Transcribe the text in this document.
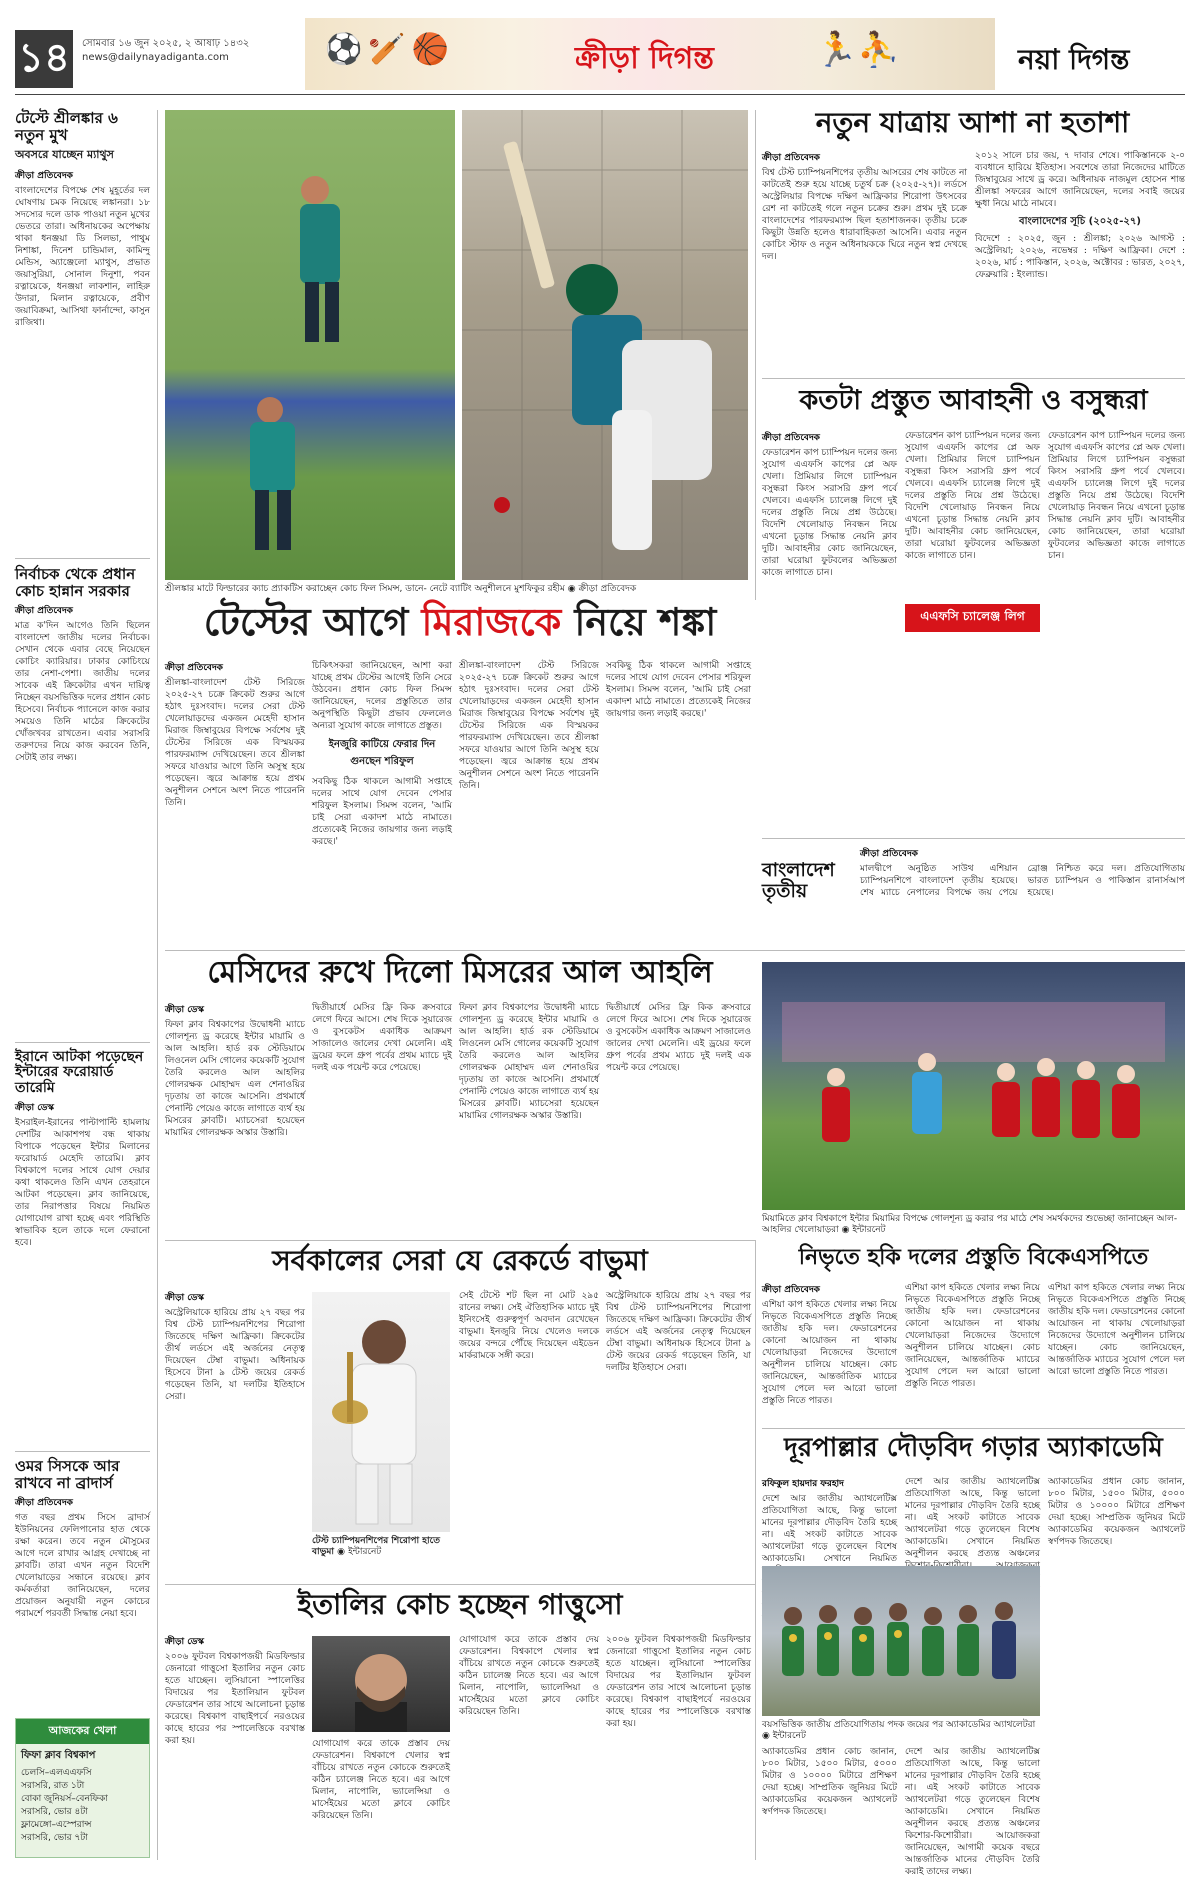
১৪	সোমবার ১৬ জুন ২০২৫, ২ আষাঢ় ১৪৩২
news@dailynayadiganta.com	⚽🏏🏀	🏃⛹
ক্রীড়া দিগন্ত	নয়া দিগন্ত
টেস্টে শ্রীলঙ্কার ৬ নতুন মুখ
অবসরে যাচ্ছেন ম্যাথুস
ক্রীড়া প্রতিবেদক
বাংলাদেশের বিপক্ষে শেষ মুহূর্তের দল ঘোষণায় চমক নিয়েছে লঙ্কানরা। ১৮ সদস্যের দলে ডাক পাওয়া নতুন মুখের ভেতরে তারা। অধিনায়কের অপেক্ষায় থাকা ধনঞ্জয়া ডি সিলভা, পাথুম নিশাঙ্কা, দিনেশ চান্ডিমাল, কামিন্দু মেন্ডিস, অ্যাঞ্জেলো ম্যাথুস, প্রভাত জয়াসুরিয়া, সোনাল দিনুশা, পবন রত্নায়েকে, ধনঞ্জয়া লাকশান, লাহিরু উদারা, মিলান রত্নায়েকে, প্রবীণ জয়াবিক্রমা, আসিথা ফার্নান্দো, কাসুন রাজিথা।
নির্বাচক থেকে প্রধান কোচ হান্নান সরকার
ক্রীড়া প্রতিবেদক
মাত্র ক'দিন আগেও তিনি ছিলেন বাংলাদেশ জাতীয় দলের নির্বাচক। সেখান থেকে এবার বেছে নিয়েছেন কোচিং ক্যারিয়ার। ঢাকার কোচিংয়ে তার নেশা-পেশা। জাতীয় দলের সাবেক এই ক্রিকেটার এখন দায়িত্ব নিচ্ছেন বয়সভিত্তিক দলের প্রধান কোচ হিসেবে। নির্বাচক প্যানেলে কাজ করার সময়েও তিনি মাঠের ক্রিকেটের খোঁজখবর রাখতেন। এবার সরাসরি তরুণদের নিয়ে কাজ করবেন তিনি, সেটাই তার লক্ষ্য।
ইরানে আটকা পড়েছেন ইন্টারের ফরোয়ার্ড তারেমি
ক্রীড়া ডেস্ক
ইসরাইল-ইরানের পাল্টাপাল্টি হামলায় দেশটির আকাশপথ বন্ধ থাকায় বিপাকে পড়েছেন ইন্টার মিলানের ফরোয়ার্ড মেহেদি তারেমি। ক্লাব বিশ্বকাপে দলের সাথে যোগ দেয়ার কথা থাকলেও তিনি এখন তেহরানে আটকা পড়েছেন। ক্লাব জানিয়েছে, তার নিরাপত্তার বিষয়ে নিয়মিত যোগাযোগ রাখা হচ্ছে এবং পরিস্থিতি স্বাভাবিক হলে তাকে দলে ফেরানো হবে।
ওমর সিসকে আর রাখবে না ব্রাদার্স
ক্রীড়া প্রতিবেদক
গত বছর প্রথম সিসে ব্রাদার্স ইউনিয়নের ফেলিপানোর হাত থেকে রক্ষা করেন। তবে নতুন মৌসুমের আগে দলে রাখার আগ্রহ দেখাচ্ছে না ক্লাবটি। তারা এখন নতুন বিদেশি খেলোয়াড়ের সন্ধানে রয়েছে। ক্লাব কর্মকর্তারা জানিয়েছেন, দলের প্রয়োজন অনুযায়ী নতুন কোচের পরামর্শে পরবর্তী সিদ্ধান্ত নেয়া হবে।
আজকের খেলা
ফিফা ক্লাব বিশ্বকাপ
চেলসি–এলএএফসি
সরাসরি, রাত ১টা
বোকা জুনিয়র্স–বেনফিকা
সরাসরি, ভোর ৪টা
ফ্লামেঙ্গো–এস্পেরান্স
সরাসরি, ভোর ৭টা
শ্রীলঙ্কার মাটে ফিল্ডারের ক্যাচ প্র্যাকটিস করাচ্ছেন কোচ ফিল সিমন্স, ডানে- নেটে ব্যাটিং অনুশীলনে মুশফিকুর রহীম ◉ ক্রীড়া প্রতিবেদক
নতুন যাত্রায় আশা না হতাশা
ক্রীড়া প্রতিবেদক
বিশ্ব টেস্ট চ্যাম্পিয়নশিপের তৃতীয় আসরের শেষ কাটতে না কাটতেই শুরু হয়ে যাচ্ছে চতুর্থ চক্র (২০২৫-২৭)। লর্ডসে অস্ট্রেলিয়ার বিপক্ষে দক্ষিণ আফ্রিকার শিরোপা উৎসবের রেশ না কাটতেই গলে নতুন চক্রের শুরু। প্রথম দুই চক্রে বাংলাদেশের পারফরম্যান্স ছিল হতাশাজনক। তৃতীয় চক্রে কিছুটা উন্নতি হলেও ধারাবাহিকতা আসেনি। এবার নতুন কোচিং স্টাফ ও নতুন অধিনায়ককে ঘিরে নতুন স্বপ্ন দেখছে দল।
২০১২ সালে চার জয়, ৭ দাবার শেষে। পাকিস্তানকে ২-০ ব্যবধানে হারিয়ে ইতিহাস। সবশেষে তারা নিজেদের মাটিতে জিম্বাবুয়ের সাথে ড্র করে। অধিনায়ক নাজমুল হোসেন শান্ত শ্রীলঙ্কা সফরের আগে জানিয়েছেন, দলের সবাই জয়ের ক্ষুধা নিয়ে মাঠে নামবে।
বাংলাদেশের সূচি (২০২৫-২৭)
বিদেশে : ২০২৫, জুন : শ্রীলঙ্কা; ২০২৬ আগস্ট : অস্ট্রেলিয়া; ২০২৬, নভেম্বর : দক্ষিণ আফ্রিকা। দেশে : ২০২৬, মার্চ : পাকিস্তান, ২০২৬, অক্টোবর : ভারত, ২০২৭, ফেব্রুয়ারি : ইংল্যান্ড।
কতটা প্রস্তুত আবাহনী ও বসুন্ধরা
ক্রীড়া প্রতিবেদক
ফেডারেশন কাপ চ্যাম্পিয়ন দলের জন্য সুযোগ এএফসি কাপের প্লে অফ খেলা। প্রিমিয়ার লিগে চ্যাম্পিয়ন বসুন্ধরা কিংস সরাসরি গ্রুপ পর্বে খেলবে। এএফসি চ্যালেঞ্জ লিগে দুই দলের প্রস্তুতি নিয়ে প্রশ্ন উঠেছে। বিদেশি খেলোয়াড় নিবন্ধন নিয়ে এখনো চূড়ান্ত সিদ্ধান্ত নেয়নি ক্লাব দুটি। আবাহনীর কোচ জানিয়েছেন, তারা ঘরোয়া ফুটবলের অভিজ্ঞতা কাজে লাগাতে চান।
ফেডারেশন কাপ চ্যাম্পিয়ন দলের জন্য সুযোগ এএফসি কাপের প্লে অফ খেলা। প্রিমিয়ার লিগে চ্যাম্পিয়ন বসুন্ধরা কিংস সরাসরি গ্রুপ পর্বে খেলবে। এএফসি চ্যালেঞ্জ লিগে দুই দলের প্রস্তুতি নিয়ে প্রশ্ন উঠেছে। বিদেশি খেলোয়াড় নিবন্ধন নিয়ে এখনো চূড়ান্ত সিদ্ধান্ত নেয়নি ক্লাব দুটি। আবাহনীর কোচ জানিয়েছেন, তারা ঘরোয়া ফুটবলের অভিজ্ঞতা কাজে লাগাতে চান।
এএফসি চ্যালেঞ্জ লিগ
ফেডারেশন কাপ চ্যাম্পিয়ন দলের জন্য সুযোগ এএফসি কাপের প্লে অফ খেলা। প্রিমিয়ার লিগে চ্যাম্পিয়ন বসুন্ধরা কিংস সরাসরি গ্রুপ পর্বে খেলবে। এএফসি চ্যালেঞ্জ লিগে দুই দলের প্রস্তুতি নিয়ে প্রশ্ন উঠেছে। বিদেশি খেলোয়াড় নিবন্ধন নিয়ে এখনো চূড়ান্ত সিদ্ধান্ত নেয়নি ক্লাব দুটি। আবাহনীর কোচ জানিয়েছেন, তারা ঘরোয়া ফুটবলের অভিজ্ঞতা কাজে লাগাতে চান।
টেস্টের আগে মিরাজকে নিয়ে শঙ্কা
ক্রীড়া প্রতিবেদক
শ্রীলঙ্কা-বাংলাদেশ টেস্ট সিরিজে ২০২৫-২৭ চক্রে ক্রিকেট শুরুর আগে হঠাৎ দুঃসংবাদ। দলের সেরা টেস্ট খেলোয়াড়দের একজন মেহেদী হাসান মিরাজ জিম্বাবুয়ের বিপক্ষে সর্বশেষ দুই টেস্টের সিরিজে এক বিস্ময়কর পারফরম্যান্স দেখিয়েছেন। তবে শ্রীলঙ্কা সফরে যাওয়ার আগে তিনি অসুস্থ হয়ে পড়েছেন। জ্বরে আক্রান্ত হয়ে প্রথম অনুশীলন সেশনে অংশ নিতে পারেননি তিনি।
চিকিৎসকরা জানিয়েছেন, আশা করা যাচ্ছে প্রথম টেস্টের আগেই তিনি সেরে উঠবেন। প্রধান কোচ ফিল সিমন্স জানিয়েছেন, দলের প্রস্তুতিতে তার অনুপস্থিতি কিছুটা প্রভাব ফেললেও অন্যরা সুযোগ কাজে লাগাতে প্রস্তুত।
ইনজুরি কাটিয়ে ফেরার দিন গুনছেন শরিফুল
সবকিছু ঠিক থাকলে আগামী সপ্তাহে দলের সাথে যোগ দেবেন পেসার শরিফুল ইসলাম। সিমন্স বলেন, 'আমি চাই সেরা একাদশ মাঠে নামাতে। প্রত্যেকেই নিজের জায়গার জন্য লড়াই করছে।'
শ্রীলঙ্কা-বাংলাদেশ টেস্ট সিরিজে ২০২৫-২৭ চক্রে ক্রিকেট শুরুর আগে হঠাৎ দুঃসংবাদ। দলের সেরা টেস্ট খেলোয়াড়দের একজন মেহেদী হাসান মিরাজ জিম্বাবুয়ের বিপক্ষে সর্বশেষ দুই টেস্টের সিরিজে এক বিস্ময়কর পারফরম্যান্স দেখিয়েছেন। তবে শ্রীলঙ্কা সফরে যাওয়ার আগে তিনি অসুস্থ হয়ে পড়েছেন। জ্বরে আক্রান্ত হয়ে প্রথম অনুশীলন সেশনে অংশ নিতে পারেননি তিনি।
সবকিছু ঠিক থাকলে আগামী সপ্তাহে দলের সাথে যোগ দেবেন পেসার শরিফুল ইসলাম। সিমন্স বলেন, 'আমি চাই সেরা একাদশ মাঠে নামাতে। প্রত্যেকেই নিজের জায়গার জন্য লড়াই করছে।'
বাংলাদেশ তৃতীয়
ক্রীড়া প্রতিবেদক
মালদ্বীপে অনুষ্ঠিত সাউথ এশিয়ান চ্যাম্পিয়নশিপে বাংলাদেশ তৃতীয় হয়েছে। শেষ ম্যাচে নেপালের বিপক্ষে জয় পেয়ে ব্রোঞ্জ নিশ্চিত করে দল। প্রতিযোগিতায় ভারত চ্যাম্পিয়ন ও পাকিস্তান রানার্সআপ হয়েছে।
মেসিদের রুখে দিলো মিসরের আল আহলি
ক্রীড়া ডেস্ক
ফিফা ক্লাব বিশ্বকাপের উদ্বোধনী ম্যাচে গোলশূন্য ড্র করেছে ইন্টার মায়ামি ও আল আহলি। হার্ড রক স্টেডিয়ামে লিওনেল মেসি গোলের কয়েকটি সুযোগ তৈরি করলেও আল আহলির গোলরক্ষক মোহাম্মদ এল শেনাওয়ির দৃঢ়তায় তা কাজে আসেনি। প্রথমার্ধে পেনাল্টি পেয়েও কাজে লাগাতে ব্যর্থ হয় মিসরের ক্লাবটি। ম্যাচসেরা হয়েছেন মায়ামির গোলরক্ষক অস্কার উস্তারি।
দ্বিতীয়ার্ধে মেসির ফ্রি কিক ক্রসবারে লেগে ফিরে আসে। শেষ দিকে সুয়ারেজ ও বুসকেটস একাধিক আক্রমণ সাজালেও জালের দেখা মেলেনি। এই ড্রয়ের ফলে গ্রুপ পর্বের প্রথম ম্যাচে দুই দলই এক পয়েন্ট করে পেয়েছে।
ফিফা ক্লাব বিশ্বকাপের উদ্বোধনী ম্যাচে গোলশূন্য ড্র করেছে ইন্টার মায়ামি ও আল আহলি। হার্ড রক স্টেডিয়ামে লিওনেল মেসি গোলের কয়েকটি সুযোগ তৈরি করলেও আল আহলির গোলরক্ষক মোহাম্মদ এল শেনাওয়ির দৃঢ়তায় তা কাজে আসেনি। প্রথমার্ধে পেনাল্টি পেয়েও কাজে লাগাতে ব্যর্থ হয় মিসরের ক্লাবটি। ম্যাচসেরা হয়েছেন মায়ামির গোলরক্ষক অস্কার উস্তারি।
দ্বিতীয়ার্ধে মেসির ফ্রি কিক ক্রসবারে লেগে ফিরে আসে। শেষ দিকে সুয়ারেজ ও বুসকেটস একাধিক আক্রমণ সাজালেও জালের দেখা মেলেনি। এই ড্রয়ের ফলে গ্রুপ পর্বের প্রথম ম্যাচে দুই দলই এক পয়েন্ট করে পেয়েছে।
মিয়ামিতে ক্লাব বিশ্বকাপে ইন্টার মিয়ামির বিপক্ষে গোলশূন্য ড্র করার পর মাঠে শেষ সমর্থকদের শুভেচ্ছা জানাচ্ছেন আল-আহলির খেলোয়াড়রা ◉ ইন্টারনেট
সর্বকালের সেরা যে রেকর্ডে বাভুমা
ক্রীড়া ডেস্ক
অস্ট্রেলিয়াকে হারিয়ে প্রায় ২৭ বছর পর বিশ্ব টেস্ট চ্যাম্পিয়নশিপের শিরোপা জিতেছে দক্ষিণ আফ্রিকা। ক্রিকেটের তীর্থ লর্ডসে এই অর্জনের নেতৃত্ব দিয়েছেন টেম্বা বাভুমা। অধিনায়ক হিসেবে টানা ৯ টেস্ট জয়ের রেকর্ড গড়েছেন তিনি, যা দলটির ইতিহাসে সেরা।
টেস্ট চ্যাম্পিয়নশিপের শিরোপা হাতে বাভুমা ◉ ইন্টারনেট
সেই টেস্টে শট ছিল না মোট ২৯৫ রানের লক্ষ্য। সেই ঐতিহাসিক ম্যাচে দুই ইনিংসেই গুরুত্বপূর্ণ অবদান রেখেছেন বাভুমা। ইনজুরি নিয়ে খেলেও দলকে জয়ের বন্দরে পৌঁছে দিয়েছেন এইডেন মার্করামকে সঙ্গী করে।
অস্ট্রেলিয়াকে হারিয়ে প্রায় ২৭ বছর পর বিশ্ব টেস্ট চ্যাম্পিয়নশিপের শিরোপা জিতেছে দক্ষিণ আফ্রিকা। ক্রিকেটের তীর্থ লর্ডসে এই অর্জনের নেতৃত্ব দিয়েছেন টেম্বা বাভুমা। অধিনায়ক হিসেবে টানা ৯ টেস্ট জয়ের রেকর্ড গড়েছেন তিনি, যা দলটির ইতিহাসে সেরা।
নিভৃতে হকি দলের প্রস্তুতি বিকেএসপিতে
ক্রীড়া প্রতিবেদক
এশিয়া কাপ হকিতে খেলার লক্ষ্য নিয়ে নিভৃতে বিকেএসপিতে প্রস্তুতি নিচ্ছে জাতীয় হকি দল। ফেডারেশনের কোনো আয়োজন না থাকায় খেলোয়াড়রা নিজেদের উদ্যোগে অনুশীলন চালিয়ে যাচ্ছেন। কোচ জানিয়েছেন, আন্তর্জাতিক ম্যাচের সুযোগ পেলে দল আরো ভালো প্রস্তুতি নিতে পারত।
এশিয়া কাপ হকিতে খেলার লক্ষ্য নিয়ে নিভৃতে বিকেএসপিতে প্রস্তুতি নিচ্ছে জাতীয় হকি দল। ফেডারেশনের কোনো আয়োজন না থাকায় খেলোয়াড়রা নিজেদের উদ্যোগে অনুশীলন চালিয়ে যাচ্ছেন। কোচ জানিয়েছেন, আন্তর্জাতিক ম্যাচের সুযোগ পেলে দল আরো ভালো প্রস্তুতি নিতে পারত।
এশিয়া কাপ হকিতে খেলার লক্ষ্য নিয়ে নিভৃতে বিকেএসপিতে প্রস্তুতি নিচ্ছে জাতীয় হকি দল। ফেডারেশনের কোনো আয়োজন না থাকায় খেলোয়াড়রা নিজেদের উদ্যোগে অনুশীলন চালিয়ে যাচ্ছেন। কোচ জানিয়েছেন, আন্তর্জাতিক ম্যাচের সুযোগ পেলে দল আরো ভালো প্রস্তুতি নিতে পারত।
ইতালির কোচ হচ্ছেন গাত্তুসো
ক্রীড়া ডেস্ক
২০০৬ ফুটবল বিশ্বকাপজয়ী মিডফিল্ডার জেনারো গাত্তুসো ইতালির নতুন কোচ হতে যাচ্ছেন। লুসিয়ানো স্পালেত্তির বিদায়ের পর ইতালিয়ান ফুটবল ফেডারেশন তার সাথে আলোচনা চূড়ান্ত করেছে। বিশ্বকাপ বাছাইপর্বে নরওয়ের কাছে হারের পর স্পালেত্তিকে বরখাস্ত করা হয়।	যোগাযোগ করে তাকে প্রস্তাব দেয় ফেডারেশন। বিশ্বকাপে খেলার স্বপ্ন বাঁচিয়ে রাখতে নতুন কোচকে শুরুতেই কঠিন চ্যালেঞ্জ নিতে হবে। এর আগে মিলান, নাপোলি, ভ্যালেন্সিয়া ও মার্সেইয়ের মতো ক্লাবে কোচিং করিয়েছেন তিনি।
যোগাযোগ করে তাকে প্রস্তাব দেয় ফেডারেশন। বিশ্বকাপে খেলার স্বপ্ন বাঁচিয়ে রাখতে নতুন কোচকে শুরুতেই কঠিন চ্যালেঞ্জ নিতে হবে। এর আগে মিলান, নাপোলি, ভ্যালেন্সিয়া ও মার্সেইয়ের মতো ক্লাবে কোচিং করিয়েছেন তিনি।
২০০৬ ফুটবল বিশ্বকাপজয়ী মিডফিল্ডার জেনারো গাত্তুসো ইতালির নতুন কোচ হতে যাচ্ছেন। লুসিয়ানো স্পালেত্তির বিদায়ের পর ইতালিয়ান ফুটবল ফেডারেশন তার সাথে আলোচনা চূড়ান্ত করেছে। বিশ্বকাপ বাছাইপর্বে নরওয়ের কাছে হারের পর স্পালেত্তিকে বরখাস্ত করা হয়।
দূরপাল্লার দৌড়বিদ গড়ার অ্যাকাডেমি
রফিকুল হায়দার ফরহাদ
দেশে আর জাতীয় অ্যাথলেটিক্স প্রতিযোগিতা আছে, কিন্তু ভালো মানের দূরপাল্লার দৌড়বিদ তৈরি হচ্ছে না। এই সংকট কাটাতে সাবেক অ্যাথলেটরা গড়ে তুলেছেন বিশেষ অ্যাকাডেমি। সেখানে নিয়মিত
দেশে আর জাতীয় অ্যাথলেটিক্স প্রতিযোগিতা আছে, কিন্তু ভালো মানের দূরপাল্লার দৌড়বিদ তৈরি হচ্ছে না। এই সংকট কাটাতে সাবেক অ্যাথলেটরা গড়ে তুলেছেন বিশেষ অ্যাকাডেমি। সেখানে নিয়মিত অনুশীলন করছে প্রত্যন্ত অঞ্চলের
অ্যাকাডেমির প্রধান কোচ জানান, ৮০০ মিটার, ১৫০০ মিটার, ৫০০০ মিটার ও ১০০০০ মিটারে প্রশিক্ষণ দেয়া হচ্ছে। সাম্প্রতিক জুনিয়র মিটে অ্যাকাডেমির কয়েকজন অ্যাথলেট স্বর্ণপদক জিতেছে।
বয়সভিত্তিক জাতীয় প্রতিযোগিতায় পদক জয়ের পর অ্যাকাডেমির অ্যাথলেটরা ◉ ইন্টারনেট
অ্যাকাডেমির প্রধান কোচ জানান, ৮০০ মিটার, ১৫০০ মিটার, ৫০০০ মিটার ও ১০০০০ মিটারে প্রশিক্ষণ দেয়া হচ্ছে। সাম্প্রতিক জুনিয়র মিটে অ্যাকাডেমির কয়েকজন অ্যাথলেট স্বর্ণপদক জিতেছে।
দেশে আর জাতীয় অ্যাথলেটিক্স প্রতিযোগিতা আছে, কিন্তু ভালো মানের দূরপাল্লার দৌড়বিদ তৈরি হচ্ছে না। এই সংকট কাটাতে সাবেক অ্যাথলেটরা গড়ে তুলেছেন বিশেষ অ্যাকাডেমি। সেখানে নিয়মিত অনুশীলন করছে প্রত্যন্ত অঞ্চলের কিশোর-কিশোরীরা। আয়োজকরা জানিয়েছেন, আগামী কয়েক বছরে আন্তর্জাতিক মানের দৌড়বিদ তৈরি করাই তাদের লক্ষ্য।
